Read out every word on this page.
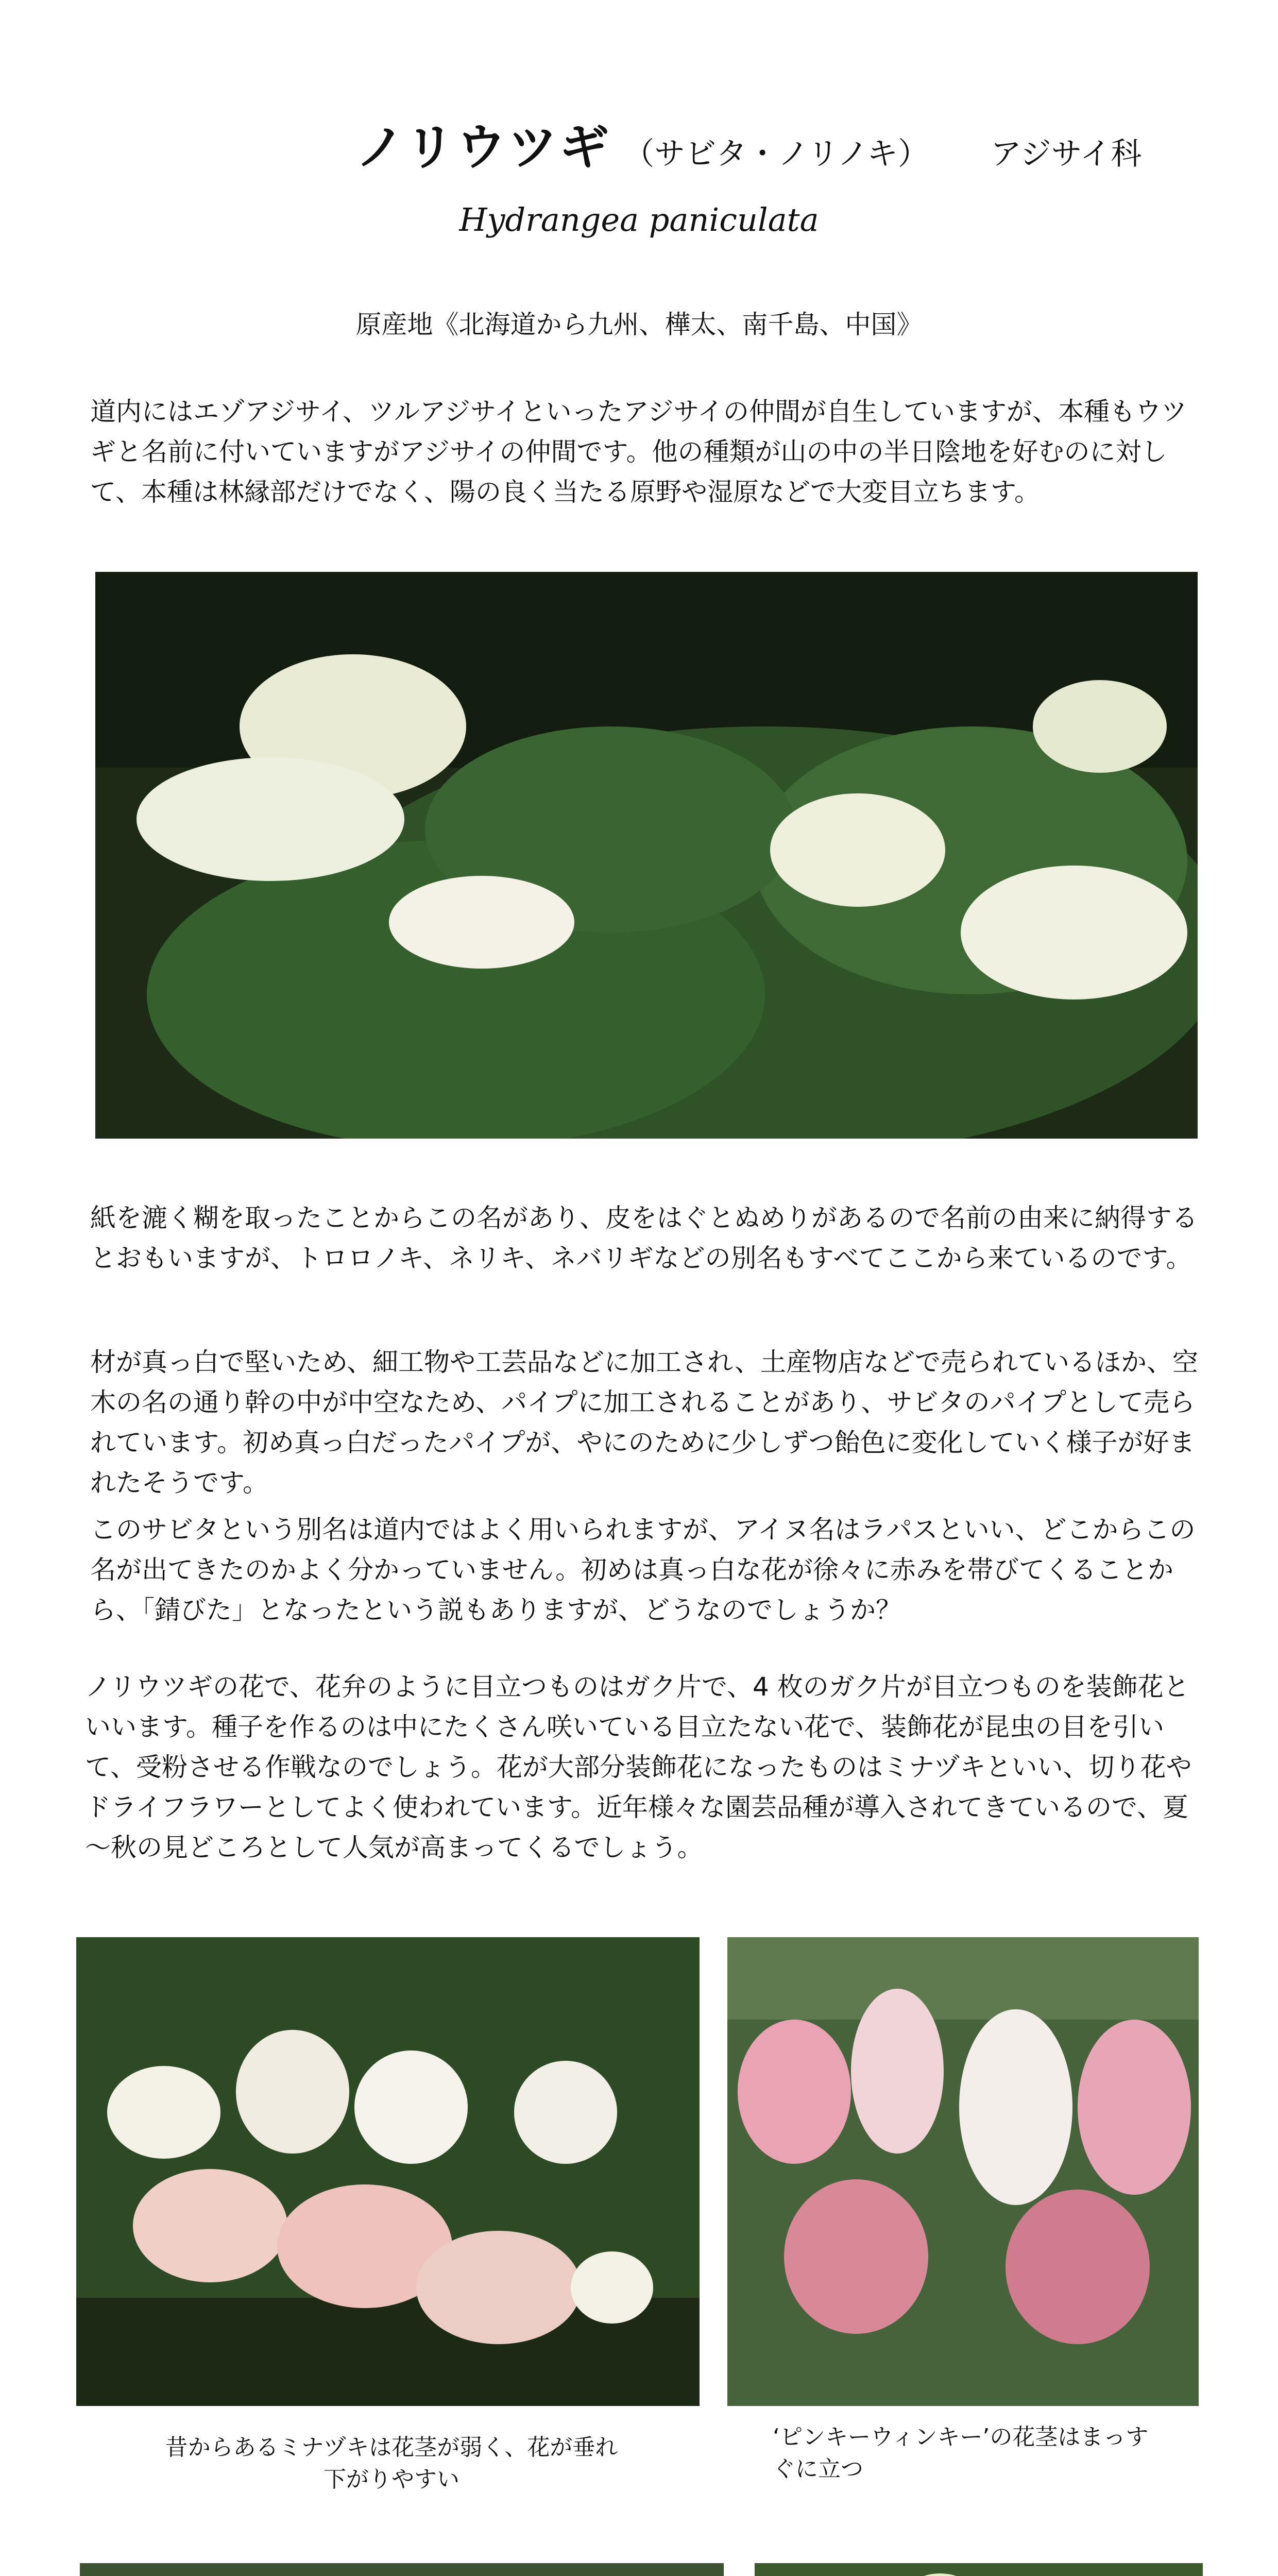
ノリウツギ （サビタ・ノリノキ） アジサイ科
Hydrangea paniculata
原産地《北海道から九州、樺太、南千島、中国》
道内にはエゾアジサイ、ツルアジサイといったアジサイの仲間が自生していますが、本種もウツギと名前に付いていますがアジサイの仲間です。他の種類が山の中の半日陰地を好むのに対して、本種は林縁部だけでなく、陽の良く当たる原野や湿原などで大変目立ちます。
紙を漉く糊を取ったことからこの名があり、皮をはぐとぬめりがあるので名前の由来に納得するとおもいますが、トロロノキ、ネリキ、ネバリギなどの別名もすべてここから来ているのです。
材が真っ白で堅いため、細工物や工芸品などに加工され、土産物店などで売られているほか、空木の名の通り幹の中が中空なため、パイプに加工されることがあり、サビタのパイプとして売られています。初め真っ白だったパイプが、やにのために少しずつ飴色に変化していく様子が好まれたそうです。
このサビタという別名は道内ではよく用いられますが、アイヌ名はラパスといい、どこからこの名が出てきたのかよく分かっていません。初めは真っ白な花が徐々に赤みを帯びてくることから、「錆びた」となったという説もありますが、どうなのでしょうか？
ノリウツギの花で、花弁のように目立つものはガク片で、4 枚のガク片が目立つものを装飾花といいます。種子を作るのは中にたくさん咲いている目立たない花で、装飾花が昆虫の目を引いて、受粉させる作戦なのでしょう。花が大部分装飾花になったものはミナヅキといい、切り花やドライフラワーとしてよく使われています。近年様々な園芸品種が導入されてきているので、夏～秋の見どころとして人気が高まってくるでしょう。
昔からあるミナヅキは花茎が弱く、花が垂れ下がりやすい
‘ピンキーウィンキー’の花茎はまっすぐに立つ
